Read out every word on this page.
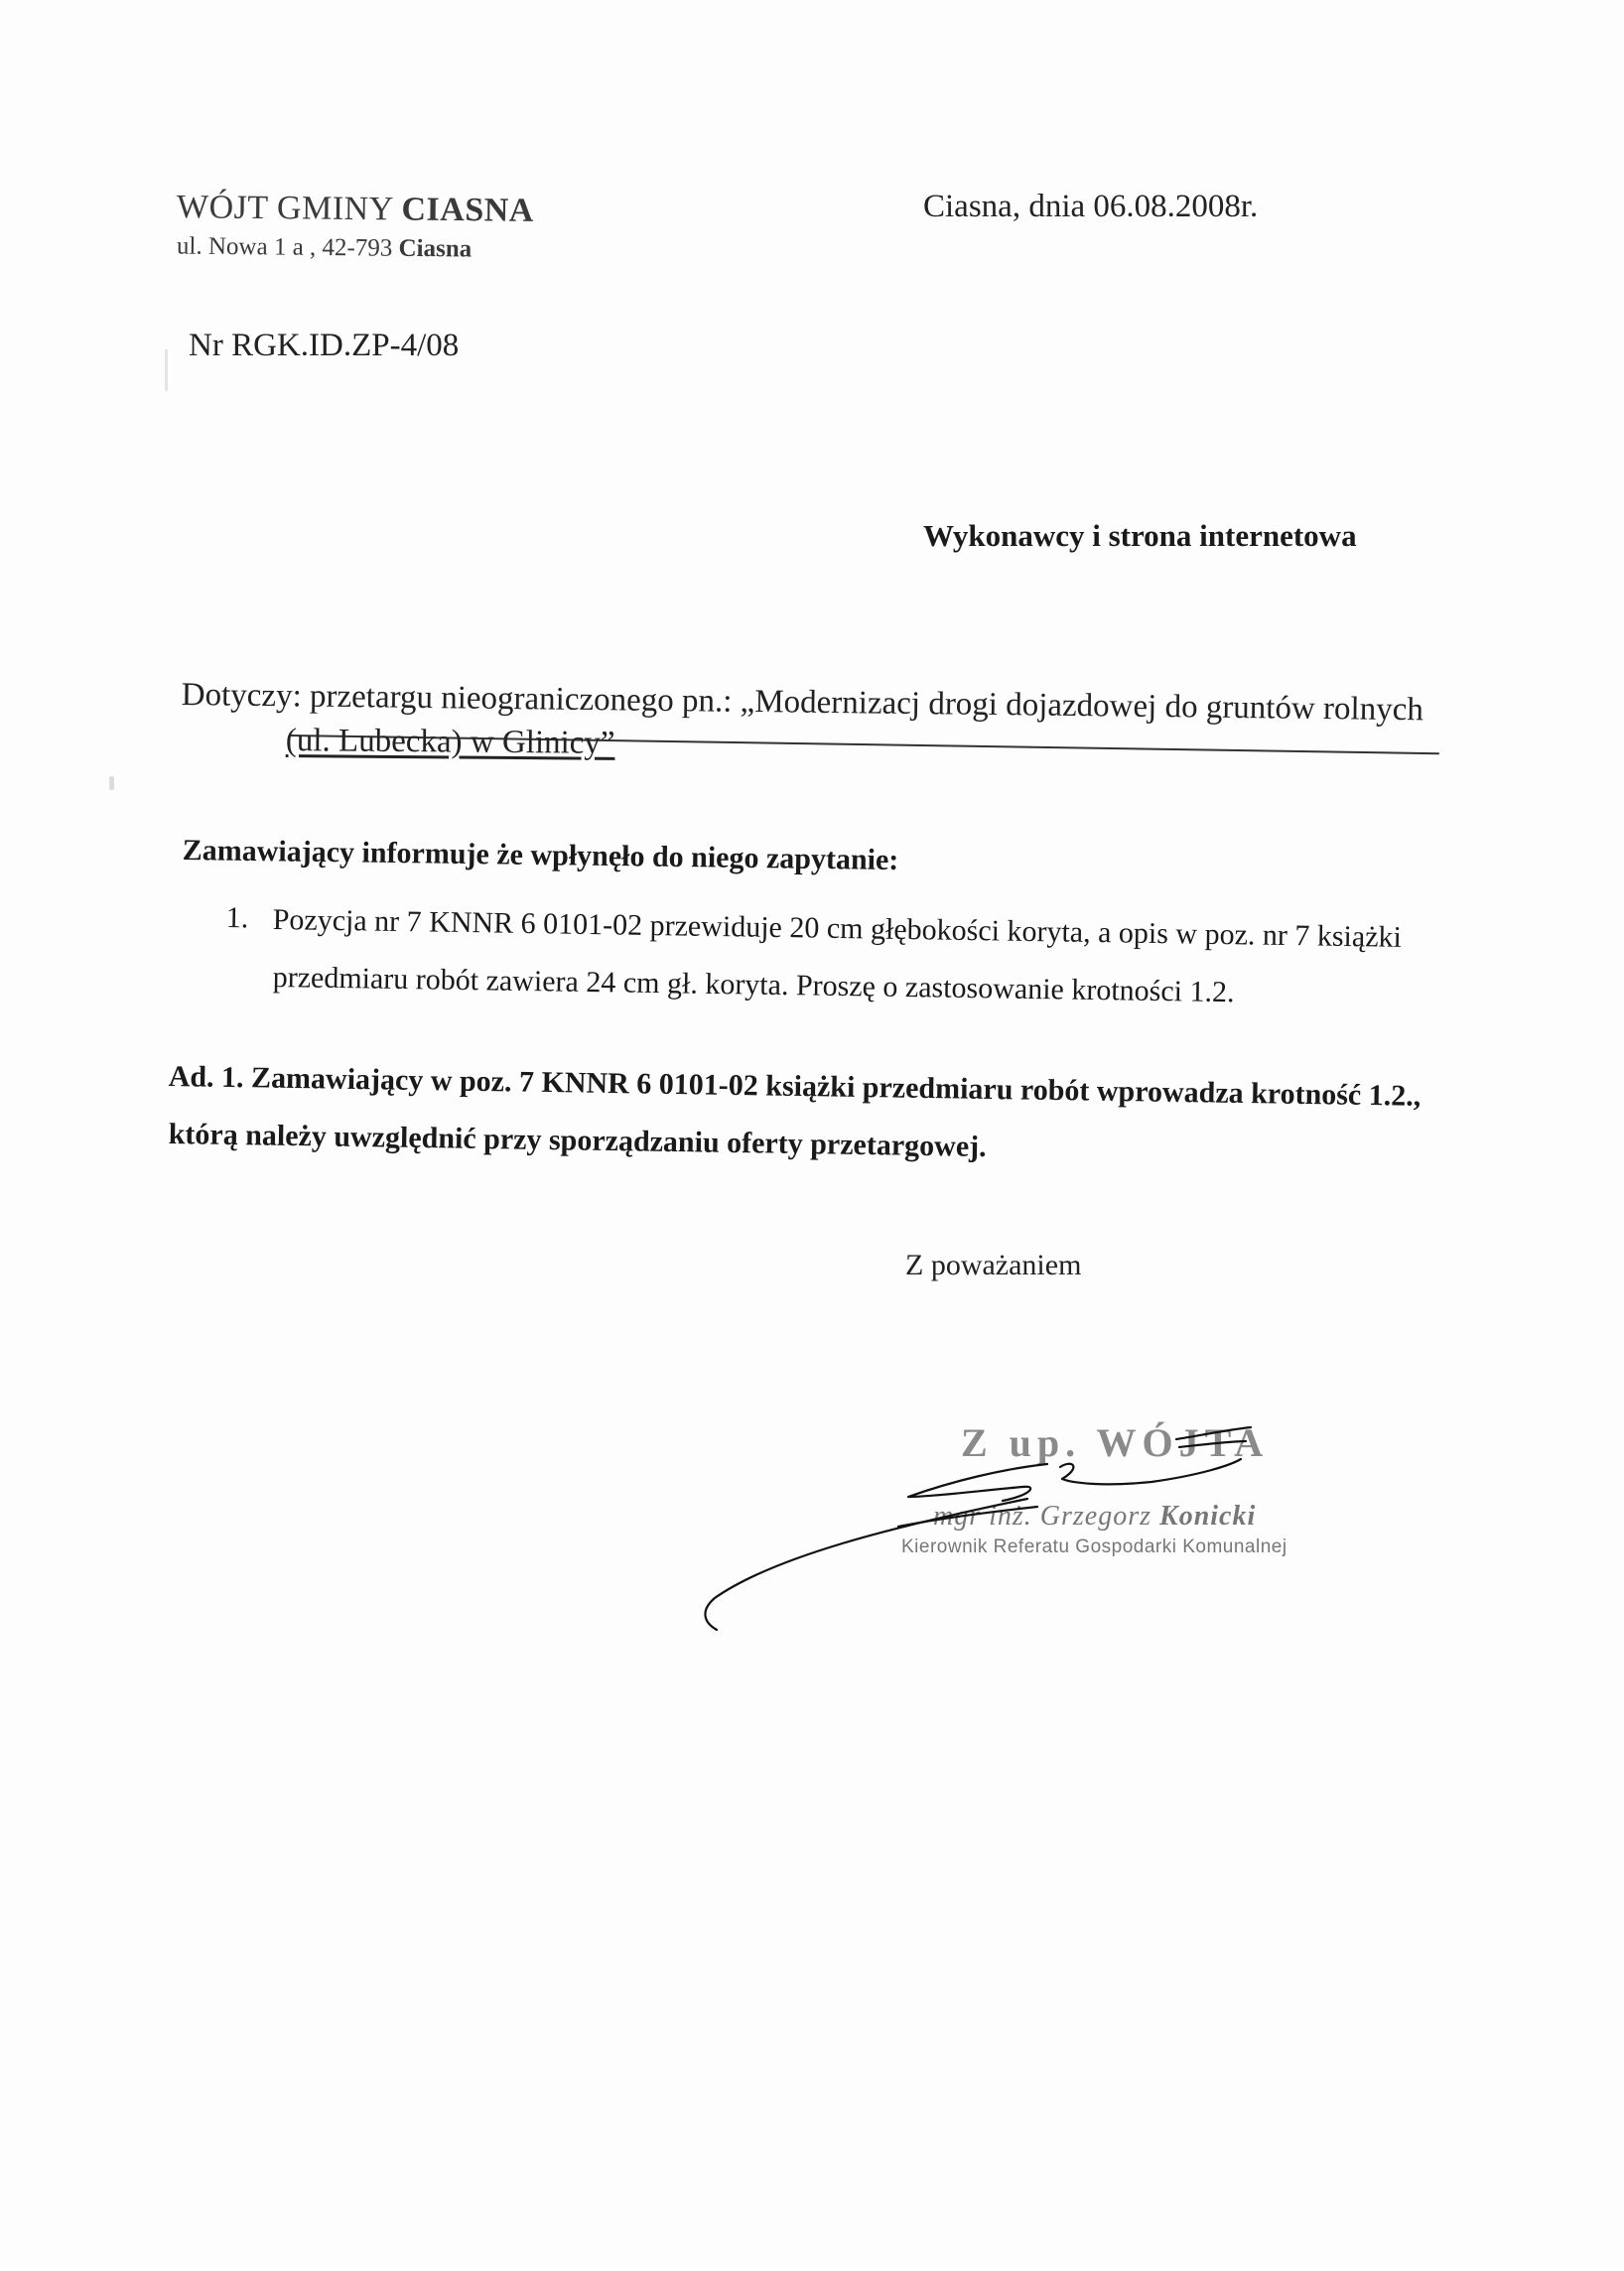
WÓJT GMINY CIASNA
ul. Nowa 1 a , 42-793 Ciasna
Ciasna, dnia 06.08.2008r.
Nr RGK.ID.ZP-4/08
Wykonawcy i strona internetowa
Dotyczy: przetargu nieograniczonego pn.: „Modernizacj drogi dojazdowej do gruntów rolnych
(ul. Lubecka) w Glinicy”
Zamawiający informuje że wpłynęło do niego zapytanie:
1. Pozycja nr 7 KNNR 6 0101-02 przewiduje 20 cm głębokości koryta, a opis w poz. nr 7 książki
przedmiaru robót zawiera 24 cm gł. koryta. Proszę o zastosowanie krotności 1.2.
Ad. 1. Zamawiający w poz. 7 KNNR 6 0101-02 książki przedmiaru robót wprowadza krotność 1.2.,
którą należy uwzględnić przy sporządzaniu oferty przetargowej.
Z poważaniem
Z up. WÓJTA
mgr inż. Grzegorz Konicki
Kierownik Referatu Gospodarki Komunalnej
